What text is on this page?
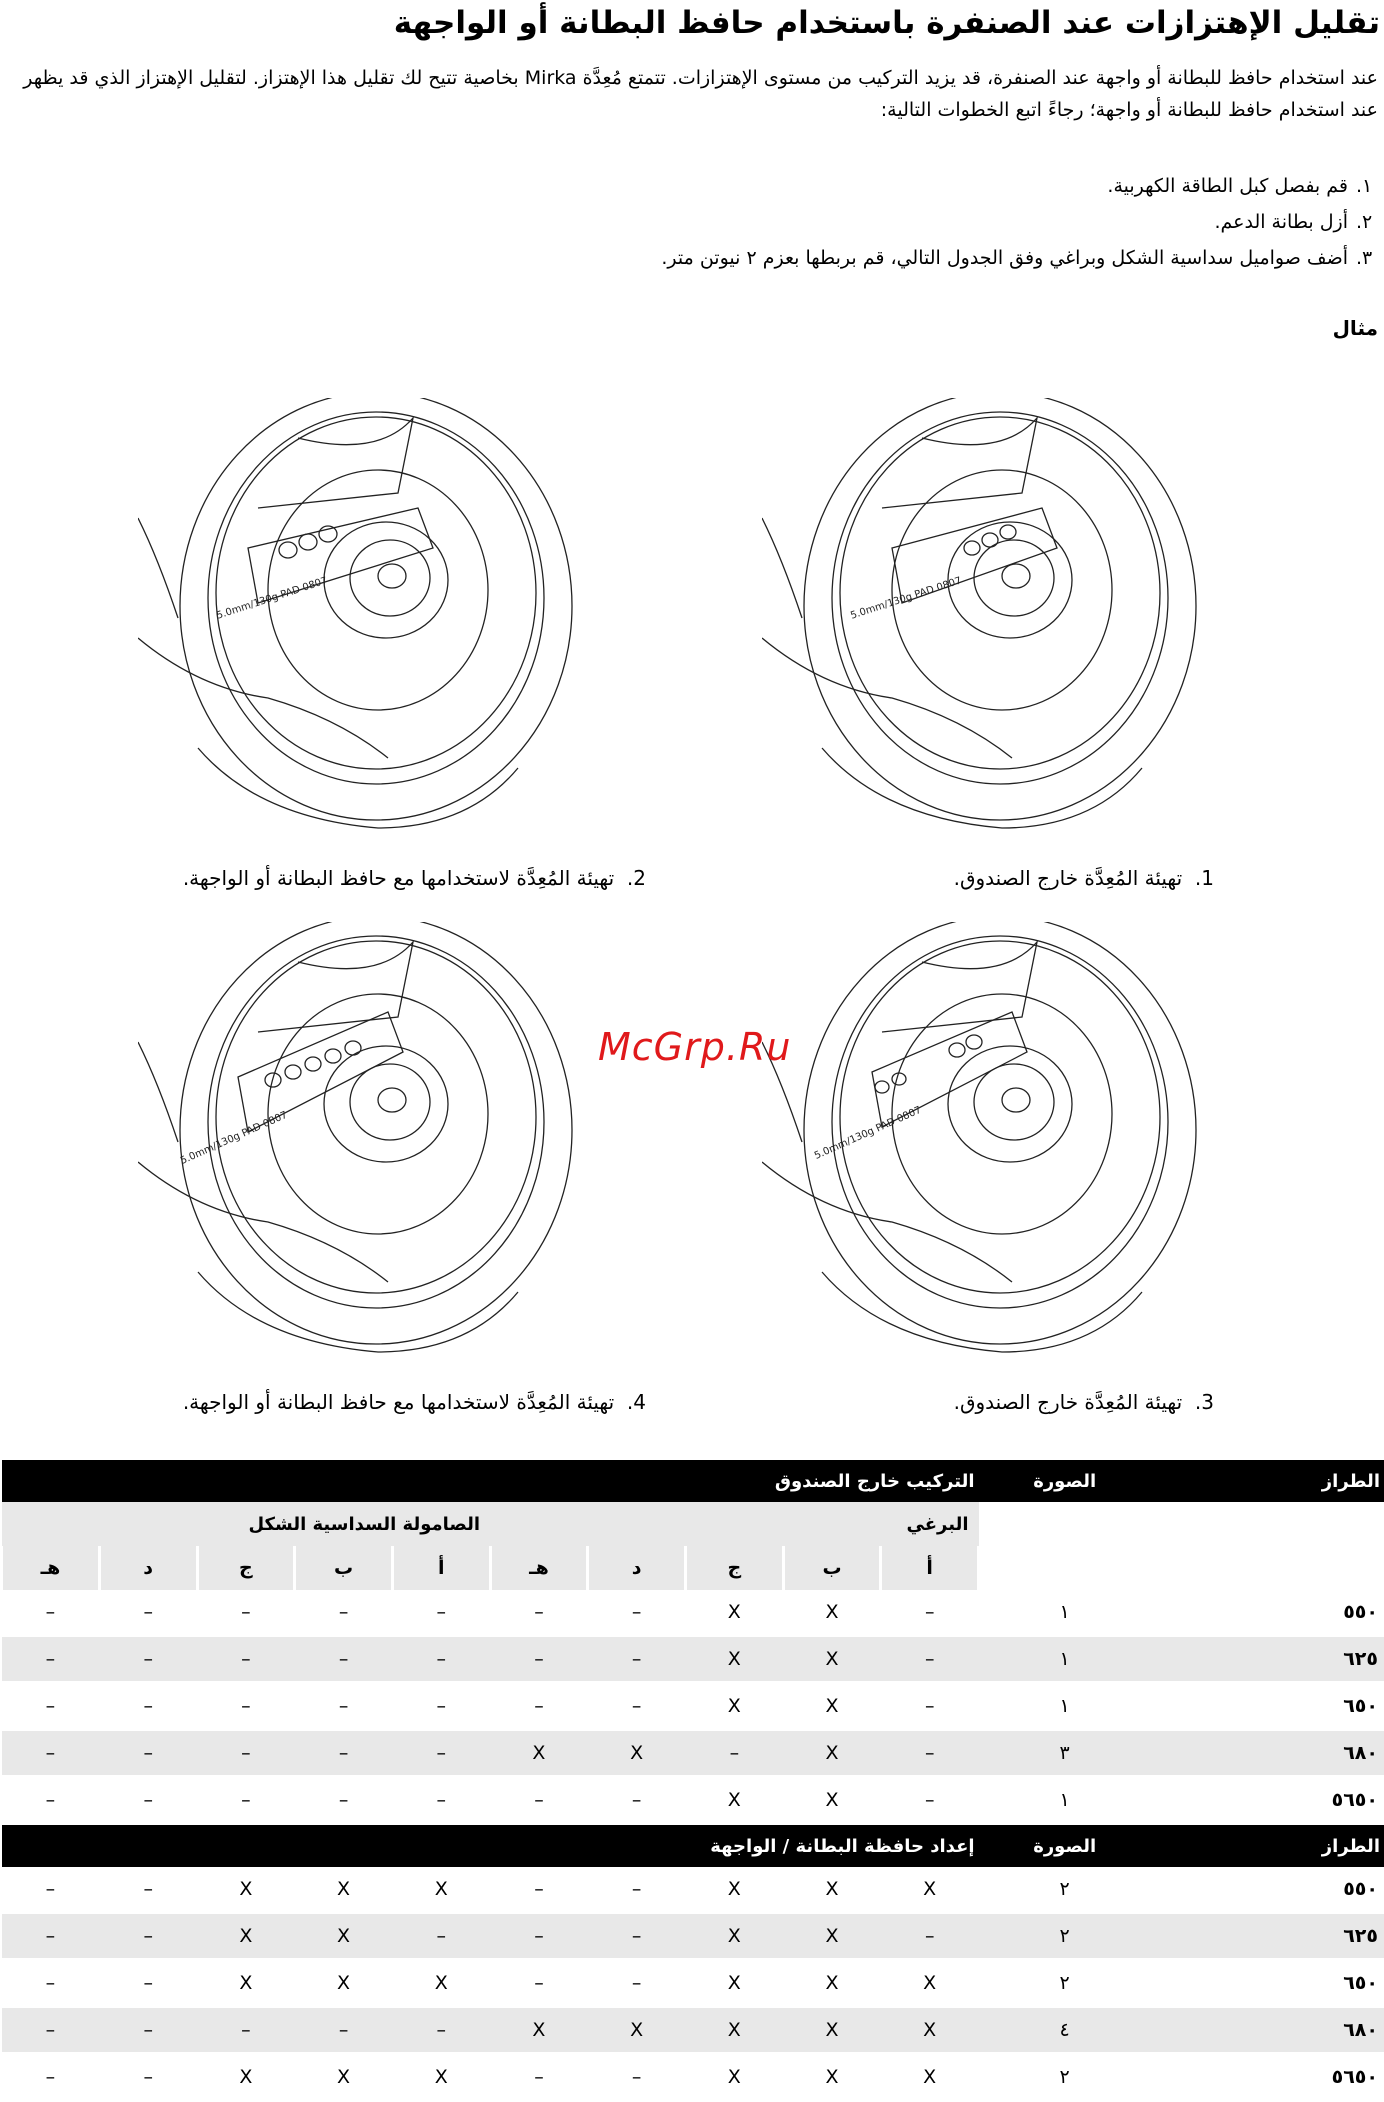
تقليل الإهتزازات عند الصنفرة باستخدام حافظ البطانة أو الواجهة

عند استخدام حافظ للبطانة أو واجهة عند الصنفرة، قد يزيد التركيب من مستوى الإهتزازات. تتمتع مُعِدَّة Mirka بخاصية تتيح لك تقليل هذا الإهتزاز. لتقليل الإهتزاز الذي قد يظهر عند استخدام حافظ للبطانة أو واجهة؛ رجاءً اتبع الخطوات التالية:

١.
قم بفصل كبل الطاقة الكهربية.
٢.
أزل بطانة الدعم.
٣.
أضف صواميل سداسية الشكل وبراغي وفق الجدول التالي، قم بربطها بعزم ٢ نيوتن متر.
مثال
0807 5.0mm/130g PAD
1.  تهيئة المُعِدَّة خارج الصندوق.
0807 5.0mm/130g PAD
2.  تهيئة المُعِدَّة لاستخدامها مع حافظ البطانة أو الواجهة.
0807 5.0mm/130g PAD
3.  تهيئة المُعِدَّة خارج الصندوق.
0807 5.0mm/130g PAD
4.  تهيئة المُعِدَّة لاستخدامها مع حافظ البطانة أو الواجهة.
McGrp.Ru
الطراز	الصورة		التركيب خارج الصندوق									
		البرغي					الصامولة السداسية الشكل				
		أ	ب	ج	د	هـ	أ	ب	ج	د	هـ
٥٥٠	١		–	X	X	–	–	–	–	–	–	–
٦٢٥	١		–	X	X	–	–	–	–	–	–	–
٦٥٠	١		–	X	X	–	–	–	–	–	–	–
٦٨٠	٣		–	X	–	X	X	–	–	–	–	–
٥٦٥٠	١		–	X	X	–	–	–	–	–	–	–
الطراز	الصورة		إعداد حافظة البطانة / الواجهة									
٥٥٠	٢		X	X	X	–	–	X	X	X	–	–
٦٢٥	٢		–	X	X	–	–	–	X	X	–	–
٦٥٠	٢		X	X	X	–	–	X	X	X	–	–
٦٨٠	٤		X	X	X	X	X	–	–	–	–	–
٥٦٥٠	٢		X	X	X	–	–	X	X	X	–	–
